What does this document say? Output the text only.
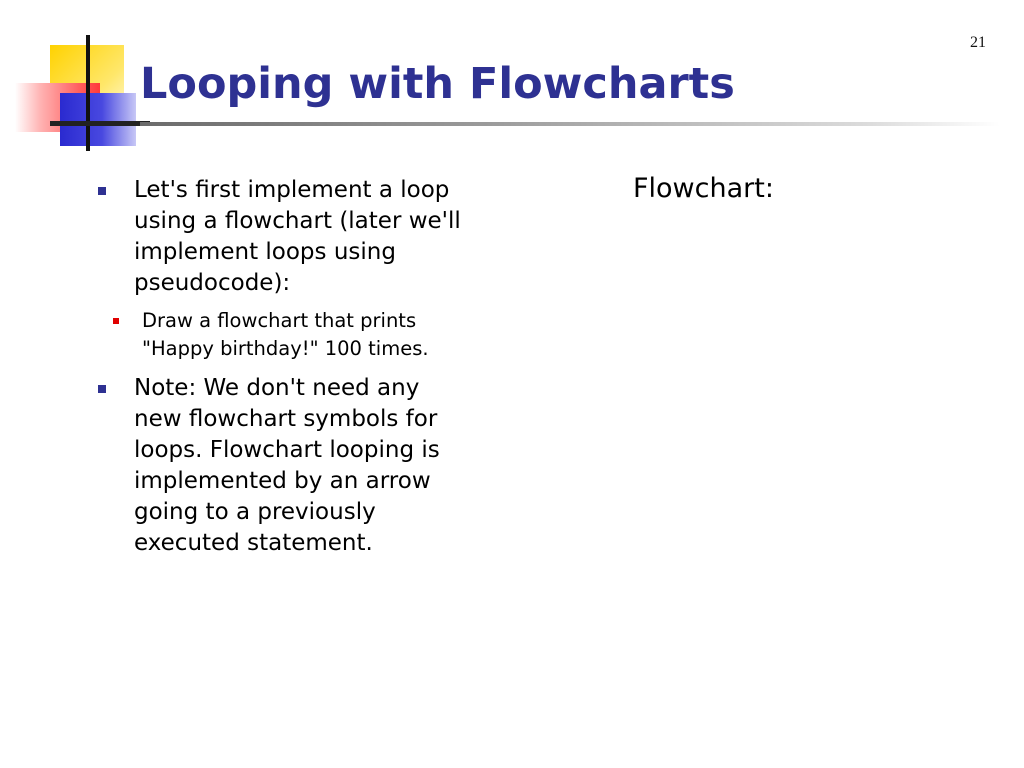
21
Looping with Flowcharts
Let's first implement a loop using a flowchart (later we'll implement loops using pseudocode):
Draw a flowchart that prints "Happy birthday!" 100 times.
Note: We don't need any new flowchart symbols for loops. Flowchart looping is implemented by an arrow going to a previously executed statement.
Flowchart:
